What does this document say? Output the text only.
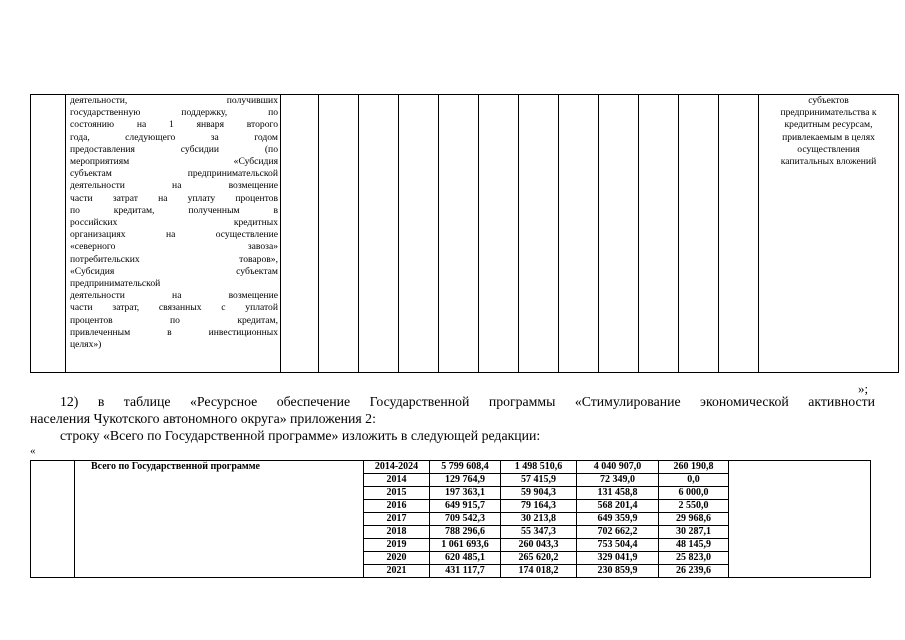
деятельности, получивших
государственную поддержку, по
состоянию на 1 января второго
года, следующего за годом
предоставления субсидии (по
мероприятиям «Субсидия
субъектам предпринимательской
деятельности на возмещение
части затрат на уплату процентов
по кредитам, полученным в
российских кредитных
организациях на осуществление
«северного завоза»
потребительских товаров»,
«Субсидия субъектам
предпринимательской
деятельности на возмещение
части затрат, связанных с уплатой
процентов по кредитам,
привлеченным в инвестиционных
целях»)

субъектов
предпринимательства к
кредитным ресурсам,
привлекаемым в целях
осуществления
капитальных вложений
»;
12) в таблице «Ресурсное обеспечение Государственной программы «Стимулирование экономической активности
населения Чукотского автономного округа» приложения 2:
строку «Всего по Государственной программе» изложить в следующей редакции:
«
	Всего по Государственной программе	2014-2024	5 799 608,4	1 498 510,6	4 040 907,0	260 190,8	
		2014	129 764,9	57 415,9	72 349,0	0,0	
		2015	197 363,1	59 904,3	131 458,8	6 000,0	
		2016	649 915,7	79 164,3	568 201,4	2 550,0	
		2017	709 542,3	30 213,8	649 359,9	29 968,6	
		2018	788 296,6	55 347,3	702 662,2	30 287,1	
		2019	1 061 693,6	260 043,3	753 504,4	48 145,9	
		2020	620 485,1	265 620,2	329 041,9	25 823,0	
		2021	431 117,7	174 018,2	230 859,9	26 239,6	
